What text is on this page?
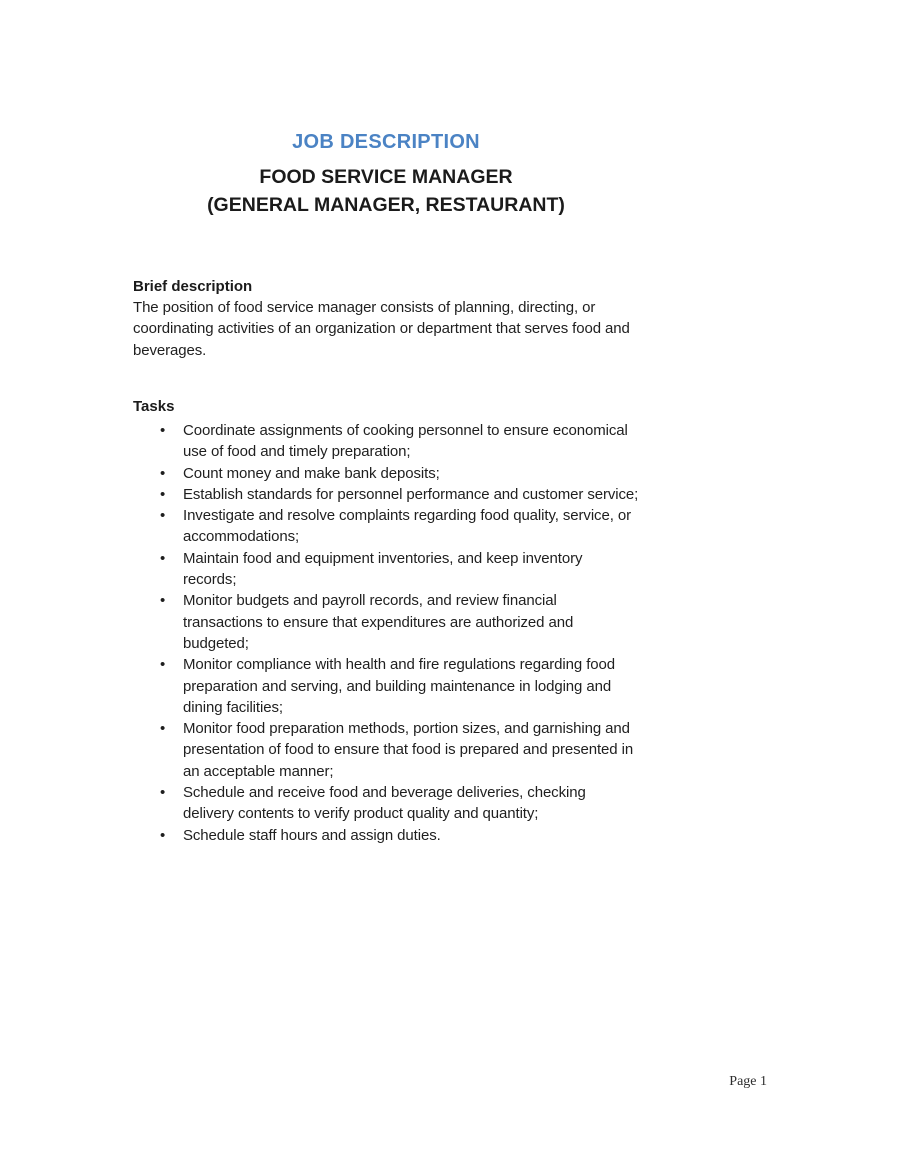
JOB DESCRIPTION
FOOD SERVICE MANAGER
(GENERAL MANAGER, RESTAURANT)
Brief description

The position of food service manager consists of planning, directing, or coordinating activities of an organization or department that serves food and beverages.

Tasks
• Coordinate assignments of cooking personnel to ensure economical use of food and timely preparation;
• Count money and make bank deposits;
• Establish standards for personnel performance and customer service;
• Investigate and resolve complaints regarding food quality, service, or accommodations;
• Maintain food and equipment inventories, and keep inventory records;
• Monitor budgets and payroll records, and review financial transactions to ensure that expenditures are authorized and budgeted;
• Monitor compliance with health and fire regulations regarding food preparation and serving, and building maintenance in lodging and dining facilities;
• Monitor food preparation methods, portion sizes, and garnishing and presentation of food to ensure that food is prepared and presented in an acceptable manner;
• Schedule and receive food and beverage deliveries, checking delivery contents to verify product quality and quantity;
• Schedule staff hours and assign duties.
Page 1
